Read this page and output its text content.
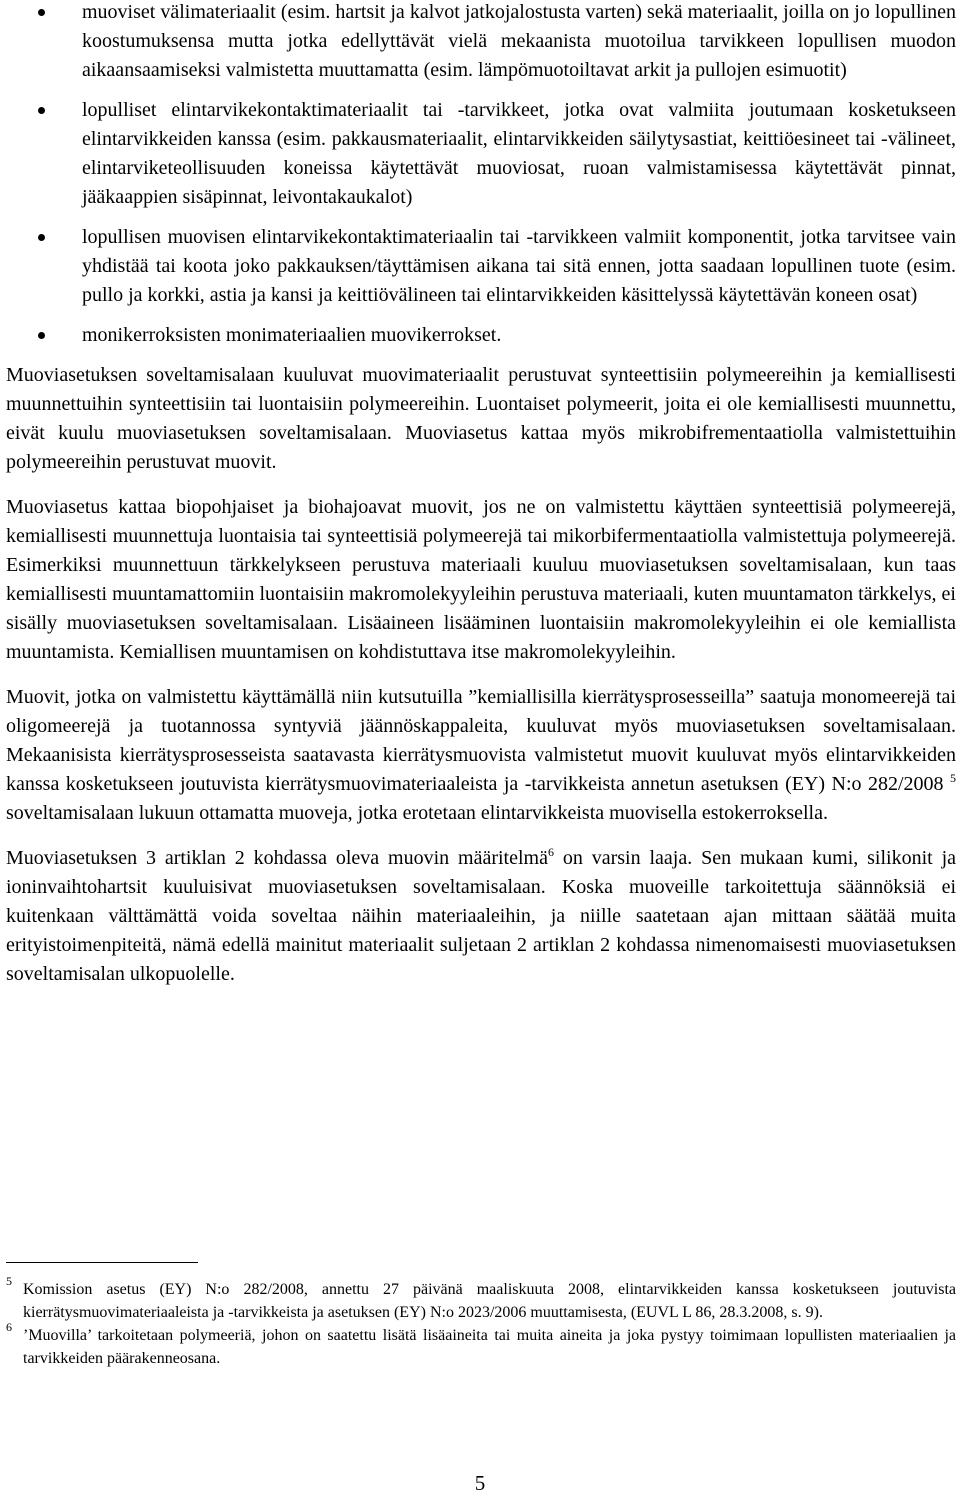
muoviset välimateriaalit (esim. hartsit ja kalvot jatkojalostusta varten) sekä materiaalit, joilla on jo lopullinen koostumuksensa mutta jotka edellyttävät vielä mekaanista muotoilua tarvikkeen lopullisen muodon aikaansaamiseksi valmistetta muuttamatta (esim. lämpömuotoiltavat arkit ja pullojen esimuotit)
lopulliset elintarvikekontaktimateriaalit tai -tarvikkeet, jotka ovat valmiita joutumaan kosketukseen elintarvikkeiden kanssa (esim. pakkausmateriaalit, elintarvikkeiden säilytysastiat, keittiöesineet tai -välineet, elintarviketeollisuuden koneissa käytettävät muoviosat, ruoan valmistamisessa käytettävät pinnat, jääkaappien sisäpinnat, leivontakaukalot)
lopullisen muovisen elintarvikekontaktimateriaalin tai -tarvikkeen valmiit komponentit, jotka tarvitsee vain yhdistää tai koota joko pakkauksen/täyttämisen aikana tai sitä ennen, jotta saadaan lopullinen tuote (esim. pullo ja korkki, astia ja kansi ja keittiövälineen tai elintarvikkeiden käsittelyssä käytettävän koneen osat)
monikerroksisten monimateriaalien muovikerrokset.

Muoviasetuksen soveltamisalaan kuuluvat muovimateriaalit perustuvat synteettisiin polymeereihin ja kemiallisesti muunnettuihin synteettisiin tai luontaisiin polymeereihin. Luontaiset polymeerit, joita ei ole kemiallisesti muunnettu, eivät kuulu muoviasetuksen soveltamisalaan. Muoviasetus kattaa myös mikrobifrementaatiolla valmistettuihin polymeereihin perustuvat muovit.

Muoviasetus kattaa biopohjaiset ja biohajoavat muovit, jos ne on valmistettu käyttäen synteettisiä polymeerejä, kemiallisesti muunnettuja luontaisia tai synteettisiä polymeerejä tai mikorbifermentaatiolla valmistettuja polymeerejä. Esimerkiksi muunnettuun tärkkelykseen perustuva materiaali kuuluu muoviasetuksen soveltamisalaan, kun taas kemiallisesti muuntamattomiin luontaisiin makromolekyyleihin perustuva materiaali, kuten muuntamaton tärkkelys, ei sisälly muoviasetuksen soveltamisalaan. Lisäaineen lisääminen luontaisiin makromolekyyleihin ei ole kemiallista muuntamista. Kemiallisen muuntamisen on kohdistuttava itse makromolekyyleihin.

Muovit, jotka on valmistettu käyttämällä niin kutsutuilla ”kemiallisilla kierrätysprosesseilla” saatuja monomeerejä tai oligomeerejä ja tuotannossa syntyviä jäännöskappaleita, kuuluvat myös muoviasetuksen soveltamisalaan. Mekaanisista kierrätysprosesseista saatavasta kierrätysmuovista valmistetut muovit kuuluvat myös elintarvikkeiden kanssa kosketukseen joutuvista kierrätysmuovimateriaaleista ja -tarvikkeista annetun asetuksen (EY) N:o 282/2008 $^5$ soveltamisalaan lukuun ottamatta muoveja, jotka erotetaan elintarvikkeista muovisella estokerroksella.

Muoviasetuksen 3 artiklan 2 kohdassa oleva muovin määritelmä$^6$ on varsin laaja. Sen mukaan kumi, silikonit ja ioninvaihtohartsit kuuluisivat muoviasetuksen soveltamisalaan. Koska muoveille tarkoitettuja säännöksiä ei kuitenkaan välttämättä voida soveltaa näihin materiaaleihin, ja niille saatetaan ajan mittaan säätää muita erityistoimenpiteitä, nämä edellä mainitut materiaalit suljetaan 2 artiklan 2 kohdassa nimenomaisesti muoviasetuksen soveltamisalan ulkopuolelle.

5 Komission asetus (EY) N:o 282/2008, annettu 27 päivänä maaliskuuta 2008, elintarvikkeiden kanssa kosketukseen joutuvista kierrätysmuovimateriaaleista ja -tarvikkeista ja asetuksen (EY) N:o 2023/2006 muuttamisesta, (EUVL L 86, 28.3.2008, s. 9).

6 ’Muovilla’ tarkoitetaan polymeeriä, johon on saatettu lisätä lisäaineita tai muita aineita ja joka pystyy toimimaan lopullisten materiaalien ja tarvikkeiden päärakenneosana.

5
